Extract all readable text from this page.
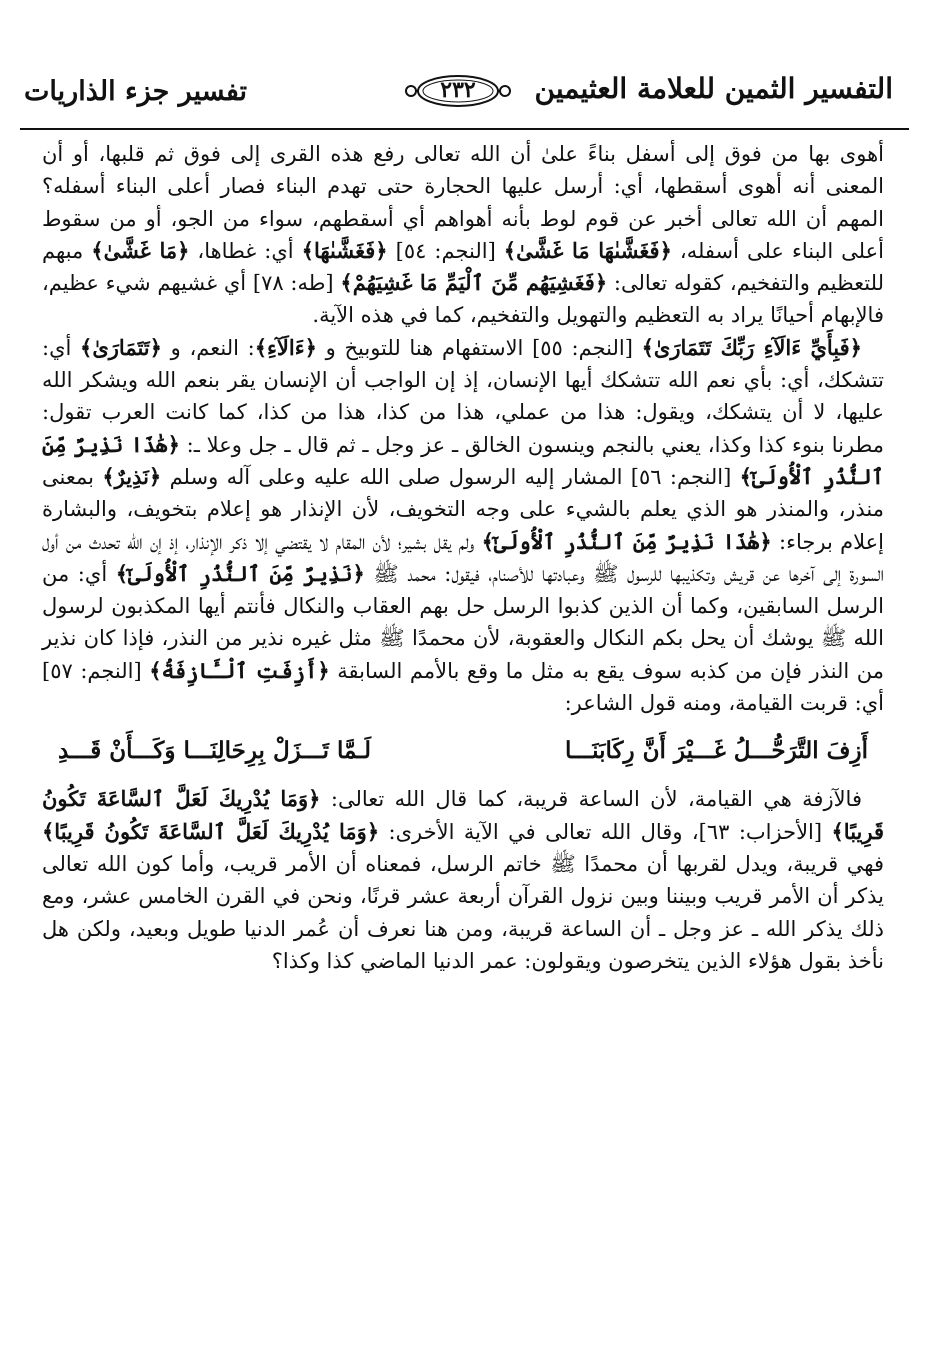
تفسير جزء الذاريات	٢٣٢	التفسير الثمين للعلامة العثيمين

أهوى بها من فوق إلى أسفل بناءً علىٰ أن الله تعالى رفع هذه القرى إلى فوق ثم قلبها، أو أن المعنى أنه أهوى أسقطها، أي: أرسل عليها الحجارة حتى تهدم البناء فصار أعلى البناء أسفله؟ المهم أن الله تعالى أخبر عن قوم لوط بأنه أهواهم أي أسقطهم، سواء من الجو، أو من سقوط أعلى البناء على أسفله، ﴿فَغَشَّىٰهَا مَا غَشَّىٰ﴾ [النجم: ٥٤] ﴿فَغَشَّىٰهَا﴾ أي: غطاها، ﴿مَا غَشَّىٰ﴾ مبهم للتعظيم والتفخيم، كقوله تعالى: ﴿فَغَشِيَهُم مِّنَ ٱلْيَمِّ مَا غَشِيَهُمْ﴾ [طه: ٧٨] أي غشيهم شيء عظيم، فالإبهام أحيانًا يراد به التعظيم والتهويل والتفخيم، كما في هذه الآية.

﴿فَبِأَيِّ ءَالَآءِ رَبِّكَ تَتَمَارَىٰ﴾ [النجم: ٥٥] الاستفهام هنا للتوبيخ و ﴿ءَالَآءِ﴾: النعم، و ﴿تَتَمَارَىٰ﴾ أي: تتشكك، أي: بأي نعم الله تتشكك أيها الإنسان، إذ إن الواجب أن الإنسان يقر بنعم الله ويشكر الله عليها، لا أن يتشكك، ويقول: هذا من عملي، هذا من كذا، هذا من كذا، كما كانت العرب تقول: مطرنا بنوء كذا وكذا، يعني بالنجم وينسون الخالق ـ عز وجل ـ ثم قال ـ جل وعلا ـ: ﴿هَٰذَا نَذِيرٌ مِّنَ ٱلنُّذُرِ ٱلْأُولَىٰٓ﴾ [النجم: ٥٦] المشار إليه الرسول صلى الله عليه وعلى آله وسلم ﴿نَذِيرٌ﴾ بمعنى منذر، والمنذر هو الذي يعلم بالشيء على وجه التخويف، لأن الإنذار هو إعلام بتخويف، والبشارة إعلام برجاء: ﴿هَٰذَا نَذِيرٌ مِّنَ ٱلنُّذُرِ ٱلْأُولَىٰٓ﴾ ولم يقل بشير؛ لأن المقام لا يقتضي إلا ذكر الإنذار، إذ إن الله تحدث من أول السورة إلى آخرها عن قريش وتكذيبها للرسول ﷺ وعبادتها للأصنام، فيقول: محمد ﷺ ﴿نَذِيرٌ مِّنَ ٱلنُّذُرِ ٱلْأُولَىٰٓ﴾ أي: من الرسل السابقين، وكما أن الذين كذبوا الرسل حل بهم العقاب والنكال فأنتم أيها المكذبون لرسول الله ﷺ يوشك أن يحل بكم النكال والعقوبة، لأن محمدًا ﷺ مثل غيره نذير من النذر، فإذا كان نذير من النذر فإن من كذبه سوف يقع به مثل ما وقع بالأمم السابقة ﴿أَزِفَتِ ٱلْـَٔازِفَةُ﴾ [النجم: ٥٧] أي: قربت القيامة، ومنه قول الشاعر:

أَزِفَ التَّرَحُّـــلُ غَـــيْرَ أَنَّ رِكَابَنَـــا
لَـمَّا تَـــزَلْ بِرِحَالِنَـــا وَكَـــأَنْ قَـــدِ

فالآزفة هي القيامة، لأن الساعة قريبة، كما قال الله تعالى: ﴿وَمَا يُدْرِيكَ لَعَلَّ ٱلسَّاعَةَ تَكُونُ قَرِيبًا﴾ [الأحزاب: ٦٣]، وقال الله تعالى في الآية الأخرى: ﴿وَمَا يُدْرِيكَ لَعَلَّ ٱلسَّاعَةَ تَكُونُ قَرِيبًا﴾ فهي قريبة، ويدل لقربها أن محمدًا ﷺ خاتم الرسل، فمعناه أن الأمر قريب، وأما كون الله تعالى يذكر أن الأمر قريب وبيننا وبين نزول القرآن أربعة عشر قرنًا، ونحن في القرن الخامس عشر، ومع ذلك يذكر الله ـ عز وجل ـ أن الساعة قريبة، ومن هنا نعرف أن عُمر الدنيا طويل وبعيد، ولكن هل نأخذ بقول هؤلاء الذين يتخرصون ويقولون: عمر الدنيا الماضي كذا وكذا؟
